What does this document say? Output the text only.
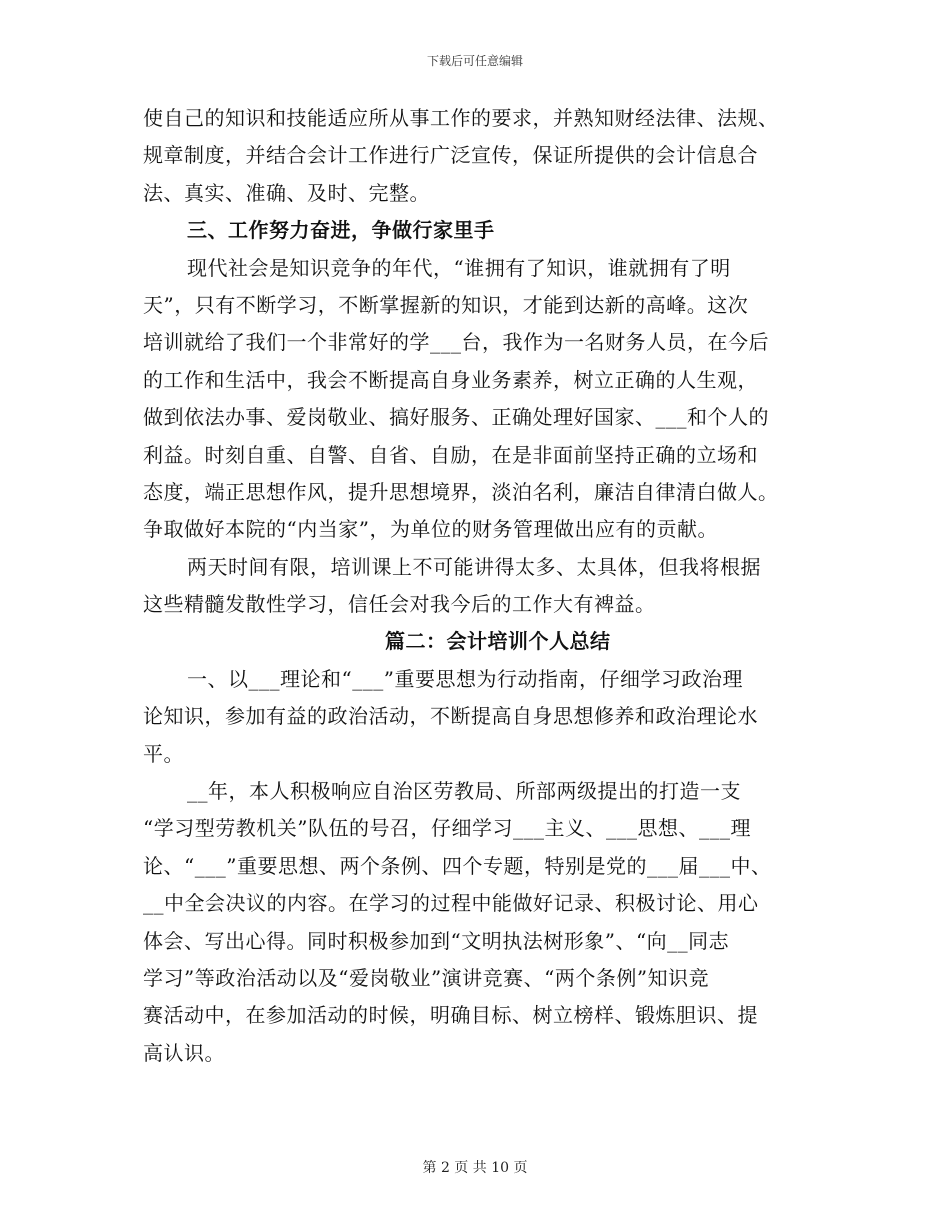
下载后可任意编辑
使自己的知识和技能适应所从事工作的要求，并熟知财经法律、法规、
规章制度，并结合会计工作进行广泛宣传，保证所提供的会计信息合
法、真实、准确、及时、完整。
三、工作努力奋进，争做行家里手
现代社会是知识竞争的年代，“谁拥有了知识，谁就拥有了明
天”，只有不断学习，不断掌握新的知识，才能到达新的高峰。这次
培训就给了我们一个非常好的学___台，我作为一名财务人员，在今后
的工作和生活中，我会不断提高自身业务素养，树立正确的人生观，
做到依法办事、爱岗敬业、搞好服务、正确处理好国家、___和个人的
利益。时刻自重、自警、自省、自励，在是非面前坚持正确的立场和
态度，端正思想作风，提升思想境界，淡泊名利，廉洁自律清白做人。
争取做好本院的“内当家”，为单位的财务管理做出应有的贡献。
两天时间有限，培训课上不可能讲得太多、太具体，但我将根据
这些精髓发散性学习，信任会对我今后的工作大有裨益。
篇二：会计培训个人总结
一、以___理论和“___”重要思想为行动指南，仔细学习政治理
论知识，参加有益的政治活动，不断提高自身思想修养和政治理论水
平。
__年，本人积极响应自治区劳教局、所部两级提出的打造一支
“学习型劳教机关”队伍的号召，仔细学习___主义、___思想、___理
论、“___”重要思想、两个条例、四个专题，特别是党的___届___中、
__中全会决议的内容。在学习的过程中能做好记录、积极讨论、用心
体会、写出心得。同时积极参加到“文明执法树形象”、“向__同志
学习”等政治活动以及“爱岗敬业”演讲竞赛、“两个条例”知识竞
赛活动中，在参加活动的时候，明确目标、树立榜样、锻炼胆识、提
高认识。
第 2 页 共 10 页
